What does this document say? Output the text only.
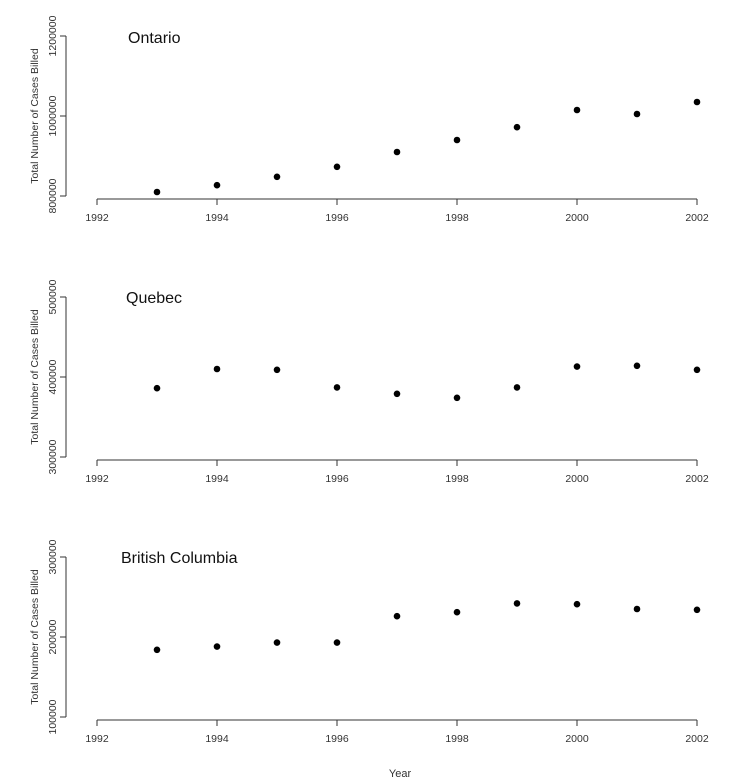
800000
1000000
1200000
Total Number of Cases Billed
1992	1994	1996	1998	2000	2002
Ontario
300000
400000
500000
Total Number of Cases Billed
1992	1994	1996	1998	2000	2002
Quebec
100000
200000
300000
Total Number of Cases Billed
1992	1994	1996	1998	2000	2002
British Columbia
Year
